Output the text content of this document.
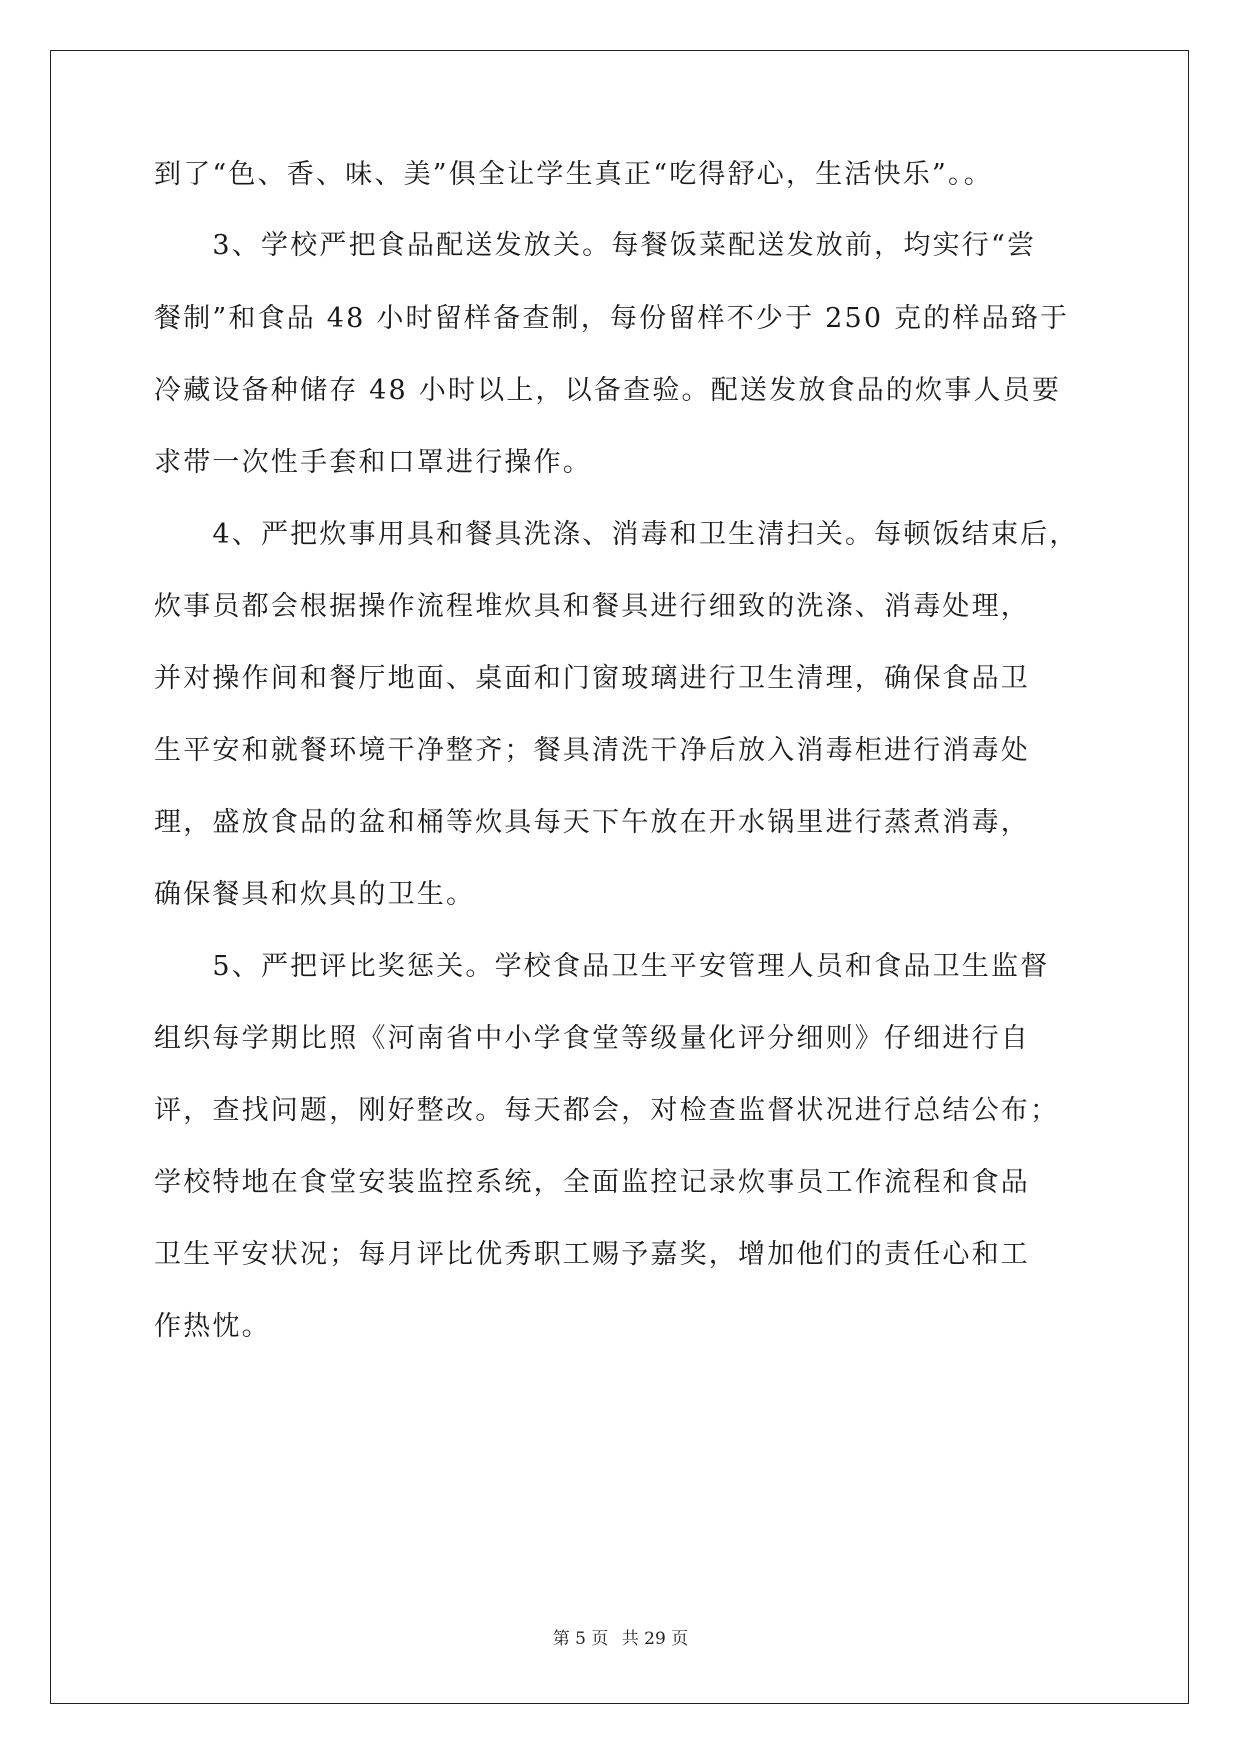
到了“色、香、味、美”俱全让学生真正“吃得舒心，生活快乐”。。
　　3、学校严把食品配送发放关。每餐饭菜配送发放前，均实行“尝
餐制”和食品 48 小时留样备查制，每份留样不少于 250 克的样品臵于
冷藏设备种储存 48 小时以上，以备查验。配送发放食品的炊事人员要
求带一次性手套和口罩进行操作。
　　4、严把炊事用具和餐具洗涤、消毒和卫生清扫关。每顿饭结束后，
炊事员都会根据操作流程堆炊具和餐具进行细致的洗涤、消毒处理，
并对操作间和餐厅地面、桌面和门窗玻璃进行卫生清理，确保食品卫
生平安和就餐环境干净整齐；餐具清洗干净后放入消毒柜进行消毒处
理，盛放食品的盆和桶等炊具每天下午放在开水锅里进行蒸煮消毒，
确保餐具和炊具的卫生。
　　5、严把评比奖惩关。学校食品卫生平安管理人员和食品卫生监督
组织每学期比照《河南省中小学食堂等级量化评分细则》仔细进行自
评，查找问题，刚好整改。每天都会，对检查监督状况进行总结公布；
学校特地在食堂安装监控系统，全面监控记录炊事员工作流程和食品
卫生平安状况；每月评比优秀职工赐予嘉奖，增加他们的责任心和工
作热忱。
第 5 页 共 29 页
